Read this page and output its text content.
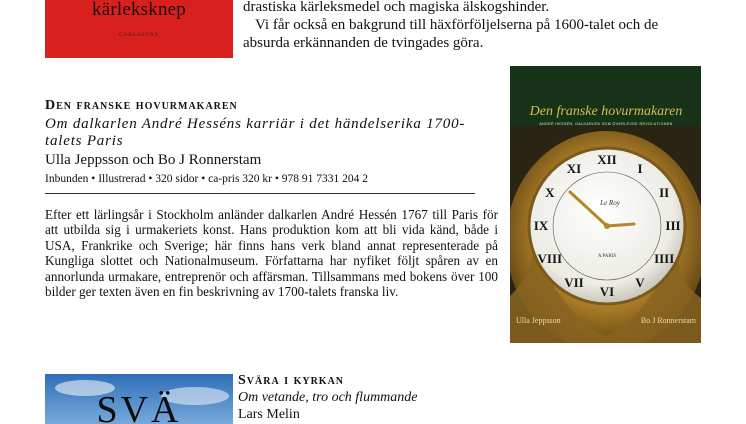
kärleksknep
CARLSSONS
drastiska kärleksmedel och magiska älskogshinder.
Vi får också en bakgrund till häxförföljelserna på 1600-talet och de
absurda erkännanden de tvingades göra.
Den franske hovurmakaren

Om dalkarlen André Hesséns karriär i det händelserika 1700-talets Paris

Ulla Jeppsson och Bo J Ronnerstam
Inbunden • Illustrerad • 320 sidor • ca-pris 320 kr • 978 91 7331 204 2

Efter ett lärlingsår i Stockholm anländer dalkarlen André Hessén 1767 till Paris för att utbilda sig i urmakeriets konst. Hans produktion kom att bli vida känd, både i USA, Frankrike och Sverige; här finns hans verk bland annat representerade på Kungliga slottet och Nationalmuseum. Författarna har nyfiket följt spåren av en annorlunda urmakare, entreprenör och affärsman. Tillsammans med bokens över 100 bilder ger texten även en fin beskrivning av 1700-talets franska liv.

XII
I
II
III
IIII
V
VI
VII
VIII
IX
X
XI
Den franske hovurmakaren
ANDRÉ HESSÉN, DALKARLEN SOM ÖVERLEVDE REVOLUTIONEN
Le Roy
A PARIS
Ulla Jeppsson	Bo J Ronnerstam
SVÄ
Svära i kyrkan
Om vetande, tro och flummande
Lars Melin
